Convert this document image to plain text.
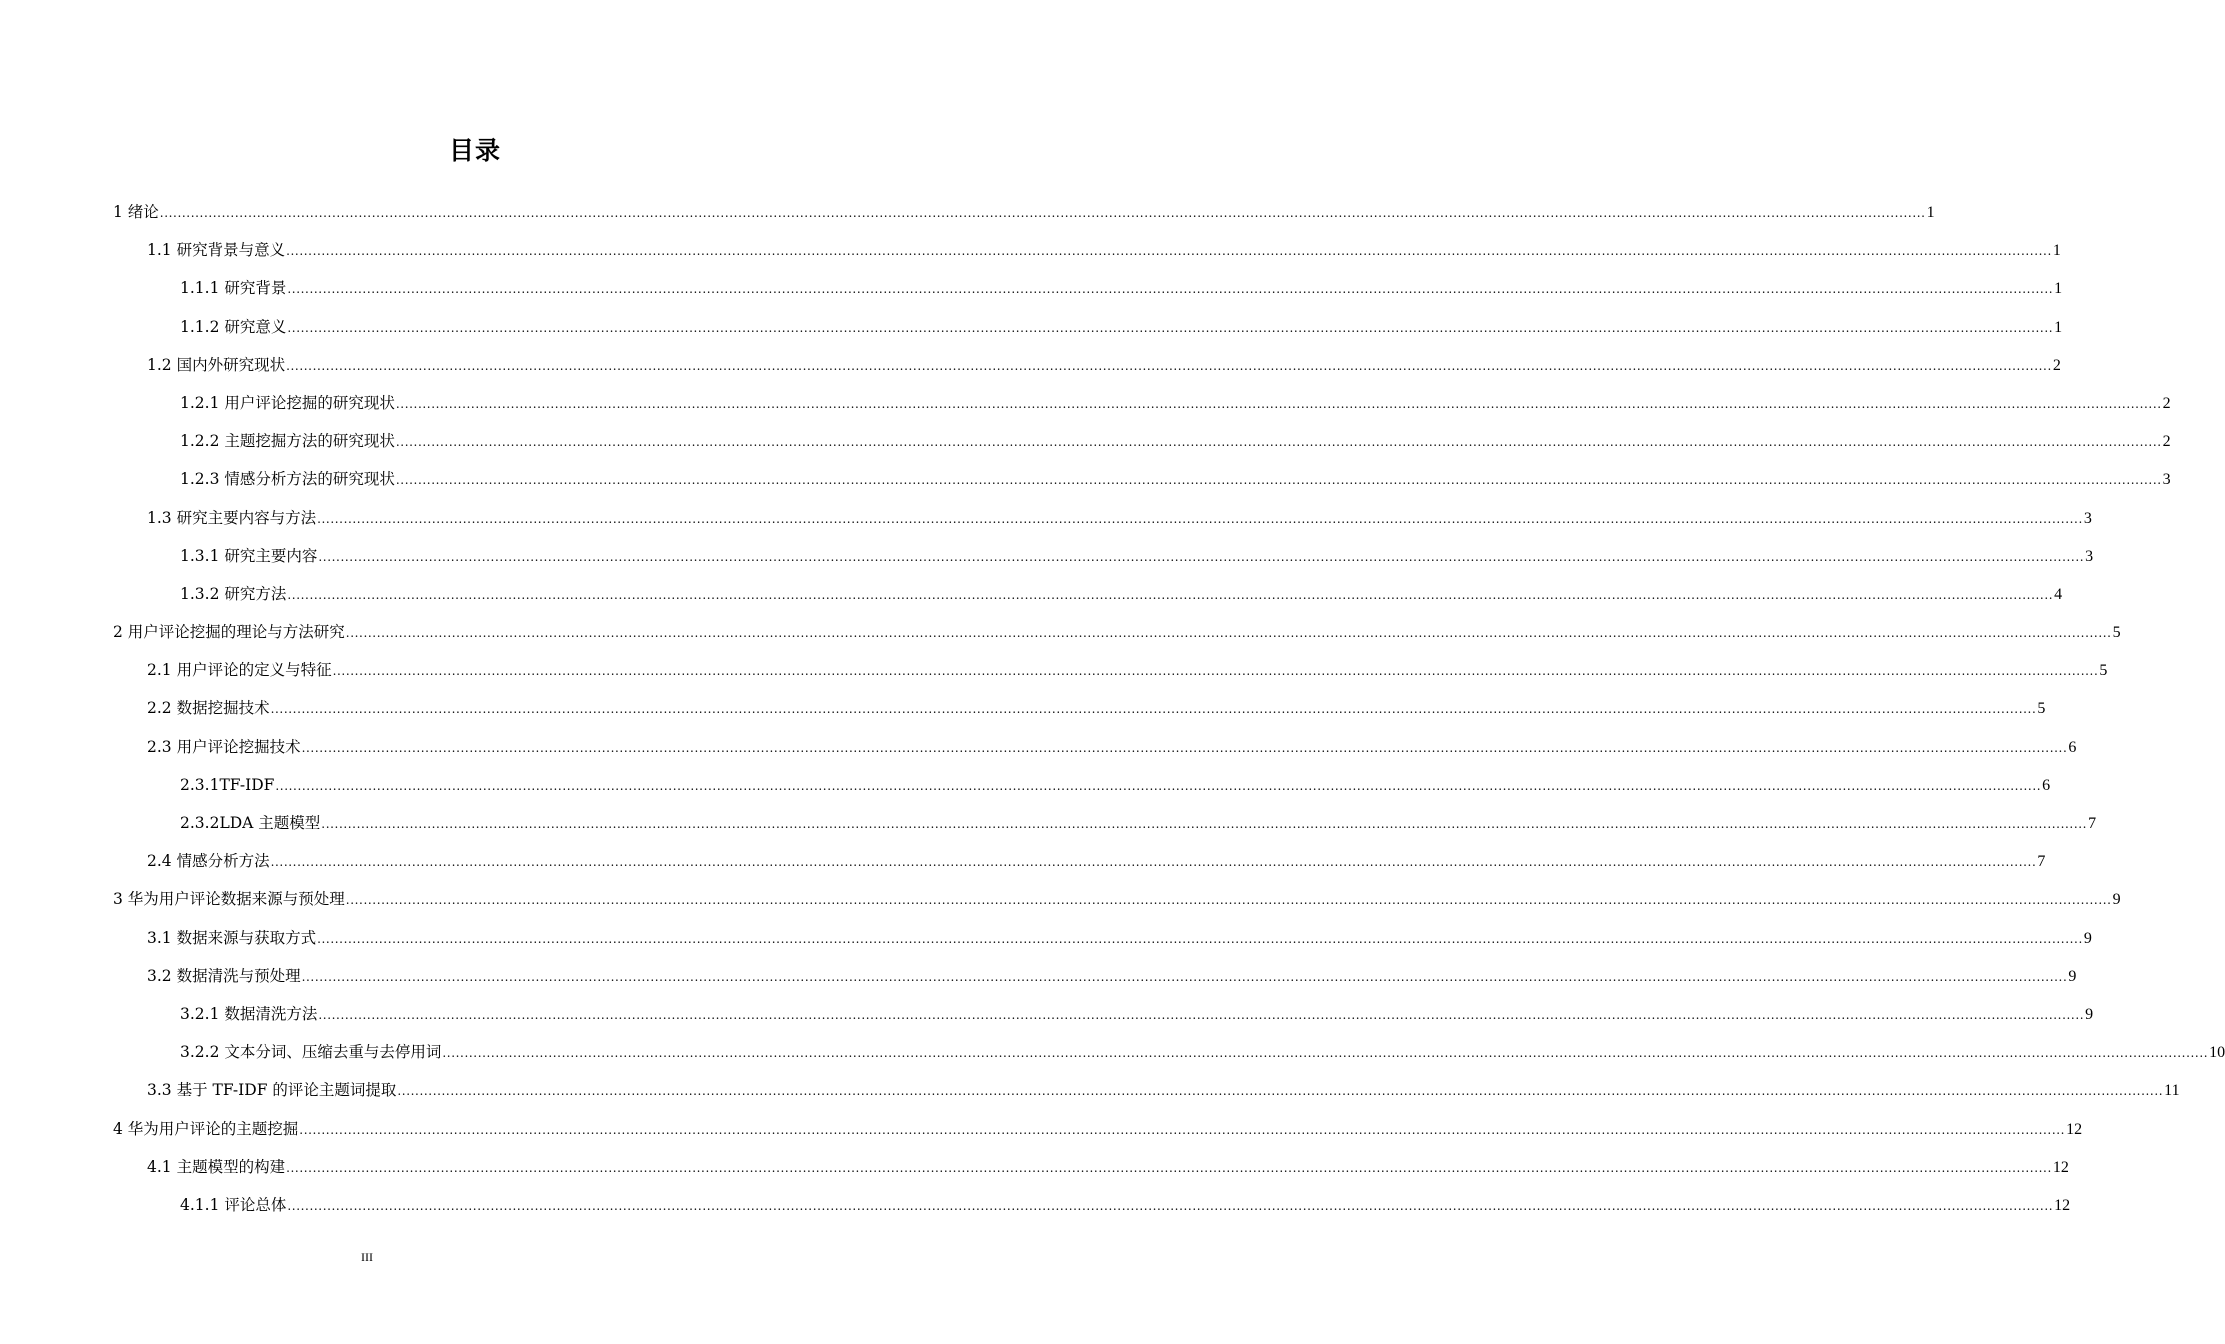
目录
1 绪论 ................................................................................................................................................................................................................................................................................................................................................................................................................ 1
1.1 研究背景与意义 ................................................................................................................................................................................................................................................................................................................................................................................................................ 1
1.1.1 研究背景 ................................................................................................................................................................................................................................................................................................................................................................................................................ 1
1.1.2 研究意义 ................................................................................................................................................................................................................................................................................................................................................................................................................ 1
1.2 国内外研究现状 ................................................................................................................................................................................................................................................................................................................................................................................................................ 2
1.2.1 用户评论挖掘的研究现状 ................................................................................................................................................................................................................................................................................................................................................................................................................ 2
1.2.2 主题挖掘方法的研究现状 ................................................................................................................................................................................................................................................................................................................................................................................................................ 2
1.2.3 情感分析方法的研究现状 ................................................................................................................................................................................................................................................................................................................................................................................................................ 3
1.3 研究主要内容与方法 ................................................................................................................................................................................................................................................................................................................................................................................................................ 3
1.3.1 研究主要内容 ................................................................................................................................................................................................................................................................................................................................................................................................................ 3
1.3.2 研究方法 ................................................................................................................................................................................................................................................................................................................................................................................................................ 4
2 用户评论挖掘的理论与方法研究 ................................................................................................................................................................................................................................................................................................................................................................................................................ 5
2.1 用户评论的定义与特征 ................................................................................................................................................................................................................................................................................................................................................................................................................ 5
2.2 数据挖掘技术 ................................................................................................................................................................................................................................................................................................................................................................................................................ 5
2.3 用户评论挖掘技术 ................................................................................................................................................................................................................................................................................................................................................................................................................ 6
2.3.1TF-IDF ................................................................................................................................................................................................................................................................................................................................................................................................................ 6
2.3.2LDA 主题模型 ................................................................................................................................................................................................................................................................................................................................................................................................................ 7
2.4 情感分析方法 ................................................................................................................................................................................................................................................................................................................................................................................................................ 7
3 华为用户评论数据来源与预处理 ................................................................................................................................................................................................................................................................................................................................................................................................................ 9
3.1 数据来源与获取方式 ................................................................................................................................................................................................................................................................................................................................................................................................................ 9
3.2 数据清洗与预处理 ................................................................................................................................................................................................................................................................................................................................................................................................................ 9
3.2.1 数据清洗方法 ................................................................................................................................................................................................................................................................................................................................................................................................................ 9
3.2.2 文本分词、压缩去重与去停用词 ................................................................................................................................................................................................................................................................................................................................................................................................................ 10
3.3 基于 TF-IDF 的评论主题词提取 ................................................................................................................................................................................................................................................................................................................................................................................................................ 11
4 华为用户评论的主题挖掘 ................................................................................................................................................................................................................................................................................................................................................................................................................ 12
4.1 主题模型的构建 ................................................................................................................................................................................................................................................................................................................................................................................................................ 12
4.1.1 评论总体 ................................................................................................................................................................................................................................................................................................................................................................................................................ 12
III
